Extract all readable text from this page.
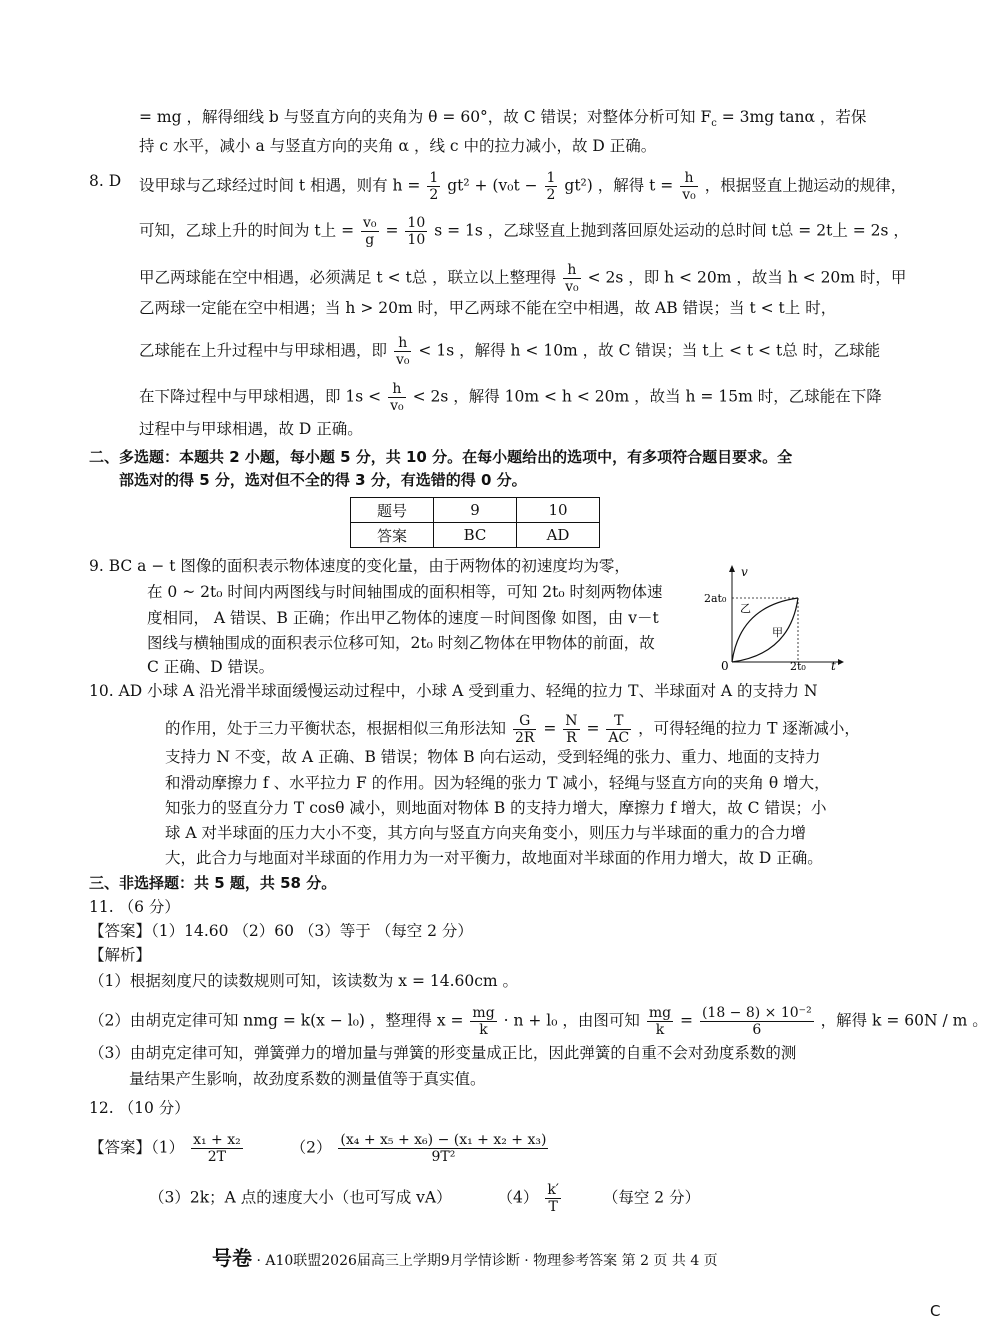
= mg ，解得细线 b 与竖直方向的夹角为 θ = 60°，故 C 错误；对整体分析可知 $F_c = 3mg$ tanα ，若保
持 c 水平，减小 a 与竖直方向的夹角 α ，线 c 中的拉力减小，故 D 正确。
8. D 设甲球与乙球经过时间 t 相遇，则有 $h = \frac{1}{2} gt^2 + (v_0t - \frac{1}{2} gt^2)$ ，解得 $t = \frac{h}{\text{v₀}}$ ，根据竖直上抛运动的规律，
可知，乙球上升的时间为 t上 = $\frac{\text{v₀}}{g} = \frac{10}{10}$ s = 1s ，乙球竖直上抛到落回原处运动的总时间 t总 = 2t上 = 2s ，
甲乙两球能在空中相遇，必须满足 t < t总 ，联立以上整理得 $\frac{h}{\text{v₀}} < 2s$ ，即 h < 20m ，故当 h < 20m 时，甲
乙两球一定能在空中相遇；当 h > 20m 时，甲乙两球不能在空中相遇，故 AB 错误；当 t < t上 时，
乙球能在上升过程中与甲球相遇，即 $\frac{h}{\text{v₀}} < 1s$ ，解得 h < 10m ，故 C 错误；当 t上 < t < t总 时，乙球能
在下降过程中与甲球相遇，即 $1s < \frac{h}{\text{v₀}} < 2s$ ，解得 10m < h < 20m ，故当 h = 15m 时，乙球能在下降
过程中与甲球相遇，故 D 正确。
二、多选题：本题共 2 小题，每小题 5 分，共 10 分。在每小题给出的选项中，有多项符合题目要求。全
部选对的得 5 分，选对但不全的得 3 分，有选错的得 0 分。
题号	9	10
答案	BC	AD
9. BC a − t 图像的面积表示物体速度的变化量，由于两物体的初速度均为零，
在 0 ~ 2t₀ 时间内两图线与时间轴围成的面积相等，可知 2t₀ 时刻两物体速
度相同， A 错误、B 正确；作出甲乙物体的速度－时间图像 如图，由 v－t
图线与横轴围成的面积表示位移可知，2t₀ 时刻乙物体在甲物体的前面，故
C 正确、D 错误。
v
t
0
2at₀
2t₀
乙
甲
10. AD 小球 A 沿光滑半球面缓慢运动过程中，小球 A 受到重力、轻绳的拉力 T、半球面对 A 的支持力 N
的作用，处于三力平衡状态，根据相似三角形法知 $\frac{G}{2R} = \frac{N}{R} = \frac{T}{AC}$ ，可得轻绳的拉力 T 逐渐减小，
支持力 N 不变，故 A 正确、B 错误；物体 B 向右运动，受到轻绳的张力、重力、地面的支持力
和滑动摩擦力 f 、水平拉力 F 的作用。因为轻绳的张力 T 减小，轻绳与竖直方向的夹角 θ 增大，
知张力的竖直分力 T cosθ 减小，则地面对物体 B 的支持力增大，摩擦力 f 增大，故 C 错误；小
球 A 对半球面的压力大小不变，其方向与竖直方向夹角变小，则压力与半球面的重力的合力增
大，此合力与地面对半球面的作用力为一对平衡力，故地面对半球面的作用力增大，故 D 正确。
三、非选择题：共 5 题，共 58 分。
11. （6 分）
【答案】（1）14.60 （2）60 （3）等于 （每空 2 分）
【解析】
（1）根据刻度尺的读数规则可知，该读数为 x = 14.60cm 。
（2）由胡克定律可知 nmg = k(x − l₀) ，整理得 $x = \frac{mg}{k} \cdot n + l_0$ ，由图可知 $\frac{mg}{k} = \frac{\text{(18 − 8) × 10⁻²}}{6}$ ，解得 k = 60N / m 。
（3）由胡克定律可知，弹簧弹力的增加量与弹簧的形变量成正比，因此弹簧的自重不会对劲度系数的测
量结果产生影响，故劲度系数的测量值等于真实值。
12. （10 分）
【答案】$(1) \frac{\text{x₁ + x₂}}{2T}$	$(2) \frac{\text{(x₄ + x₅ + x₆) − (x₁ + x₂ + x₃)}}{\text{9T²}}$
（3）2k；A 点的速度大小（也可写成 vA）	$(4) \frac{k'}{T}$	（每空 2 分）
号卷 · A10联盟2026届高三上学期9月学情诊断 · 物理参考答案 第 2 页 共 4 页
C
